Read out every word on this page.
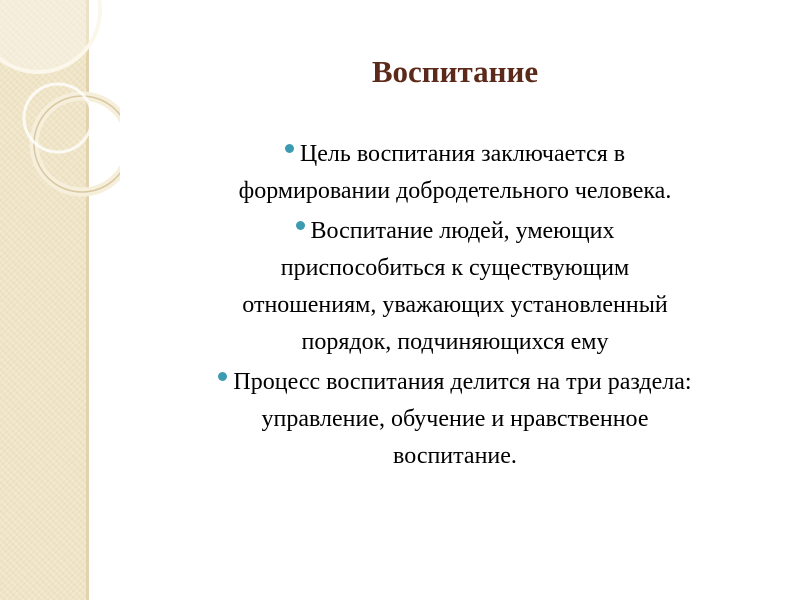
Воспитание
Цель воспитания заключается в
формировании добродетельного человека.
Воспитание людей, умеющих
приспособиться к существующим
отношениям, уважающих установленный
порядок, подчиняющихся ему
Процесс воспитания делится на три раздела:
управление, обучение и нравственное
воспитание.
